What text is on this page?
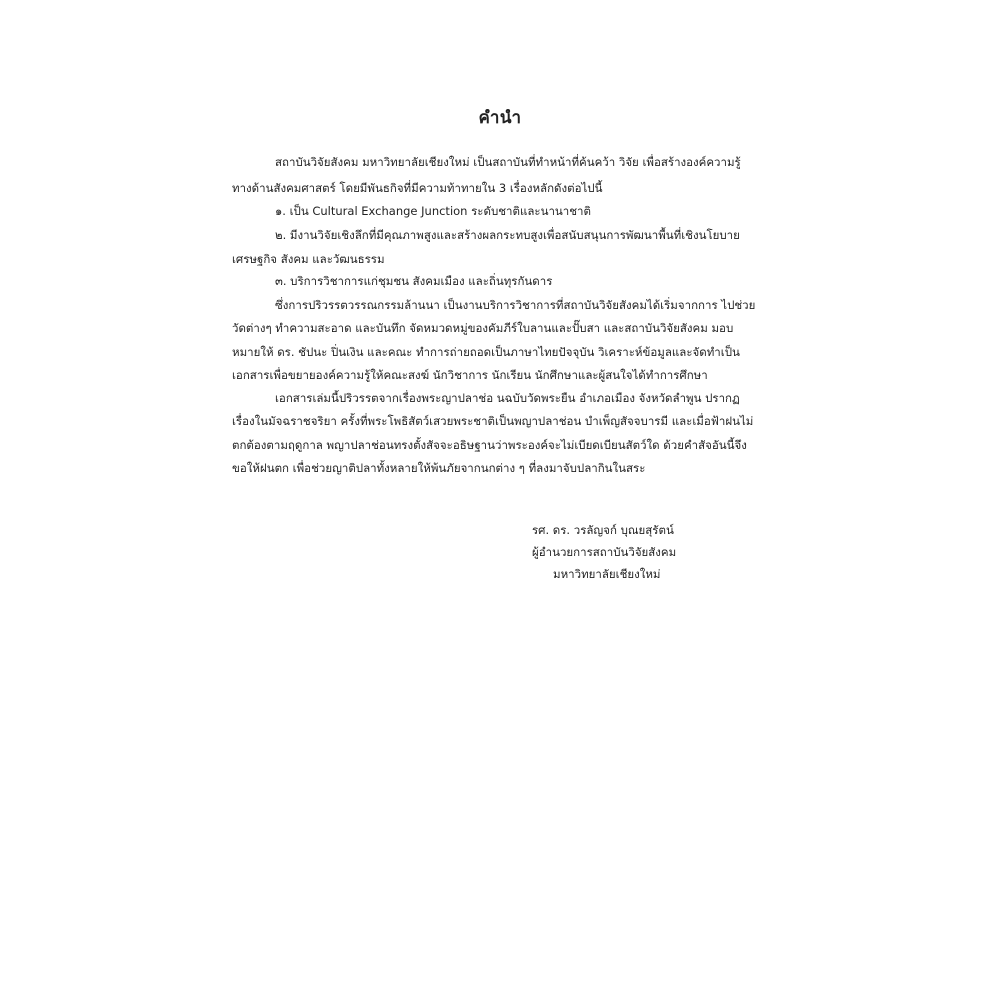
คำนำ
สถาบันวิจัยสังคม มหาวิทยาลัยเชียงใหม่ เป็นสถาบันที่ทำหน้าที่ค้นคว้า วิจัย เพื่อสร้างองค์ความรู้
ทางด้านสังคมศาสตร์ โดยมีพันธกิจที่มีความท้าทายใน 3 เรื่องหลักดังต่อไปนี้
๑. เป็น Cultural Exchange Junction ระดับชาติและนานาชาติ
๒. มีงานวิจัยเชิงลึกที่มีคุณภาพสูงและสร้างผลกระทบสูงเพื่อสนับสนุนการพัฒนาพื้นที่เชิงนโยบาย
เศรษฐกิจ สังคม และวัฒนธรรม
๓. บริการวิชาการแก่ชุมชน สังคมเมือง และถิ่นทุรกันดาร
ซึ่งการปริวรรตวรรณกรรมล้านนา เป็นงานบริการวิชาการที่สถาบันวิจัยสังคมได้เริ่มจากการ ไปช่วย
วัดต่างๆ ทำความสะอาด และบันทึก จัดหมวดหมู่ของคัมภีร์ใบลานและปั๊บสา และสถาบันวิจัยสังคม มอบ
หมายให้ ดร. ชัปนะ ปิ่นเงิน และคณะ ทำการถ่ายถอดเป็นภาษาไทยปัจจุบัน วิเคราะห์ข้อมูลและจัดทำเป็น
เอกสารเพื่อขยายองค์ความรู้ให้คณะสงฆ์ นักวิชาการ นักเรียน นักศึกษาและผู้สนใจได้ทำการศึกษา
เอกสารเล่มนี้ปริวรรตจากเรื่องพระญาปลาช่อ นฉบับวัดพระยืน อำเภอเมือง จังหวัดลำพูน ปรากฏ
เรื่องในมัจฉราชจริยา ครั้งที่พระโพธิสัตว์เสวยพระชาติเป็นพญาปลาช่อน บำเพ็ญสัจจบารมี และเมื่อฟ้าฝนไม่
ตกต้องตามฤดูกาล พญาปลาช่อนทรงตั้งสัจจะอธิษฐานว่าพระองค์จะไม่เบียดเบียนสัตว์ใด ด้วยคำสัจอันนี้จึง
ขอให้ฝนตก เพื่อช่วยญาติปลาทั้งหลายให้พ้นภัยจากนกต่าง ๆ ที่ลงมาจับปลากินในสระ
รศ. ดร. วรลัญจก์ บุณยสุรัตน์
ผู้อำนวยการสถาบันวิจัยสังคม
มหาวิทยาลัยเชียงใหม่
